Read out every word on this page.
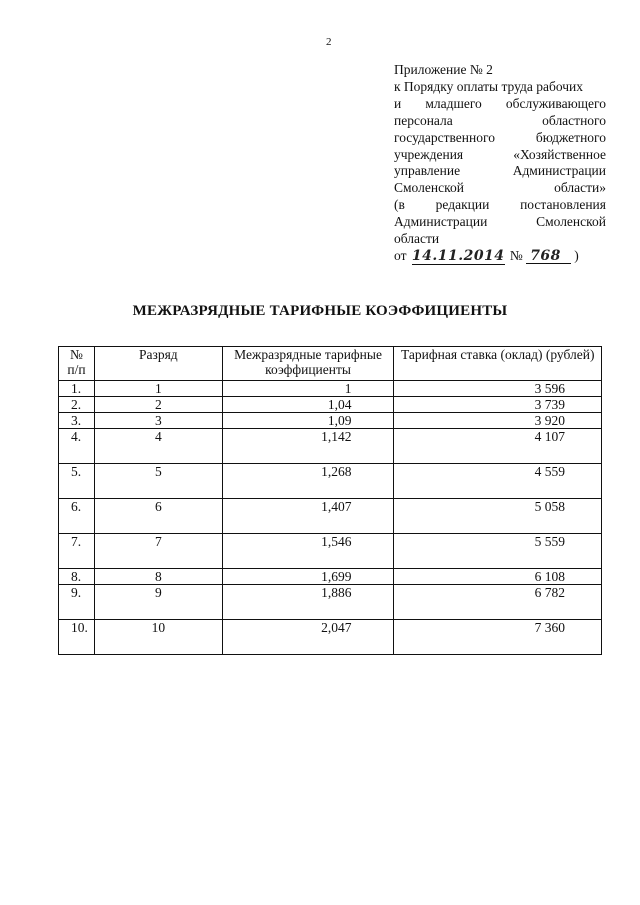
2
Приложение № 2
к Порядку оплаты труда рабочих
и младшего обслуживающего
персонала областного
государственного бюджетного
учреждения «Хозяйственное
управление Администрации
Смоленской области»
(в редакции постановления
Администрации Смоленской
области
от 14.11.2014 № 768 )
МЕЖРАЗРЯДНЫЕ ТАРИФНЫЕ КОЭФФИЦИЕНТЫ
№ п/п	Разряд	Межразрядные тарифные коэффициенты	Тарифная ставка (оклад) (рублей)
1.	1	1	3 596
2.	2	1,04	3 739
3.	3	1,09	3 920
4.	4	1,142	4 107
5.	5	1,268	4 559
6.	6	1,407	5 058
7.	7	1,546	5 559
8.	8	1,699	6 108
9.	9	1,886	6 782
10.	10	2,047	7 360
